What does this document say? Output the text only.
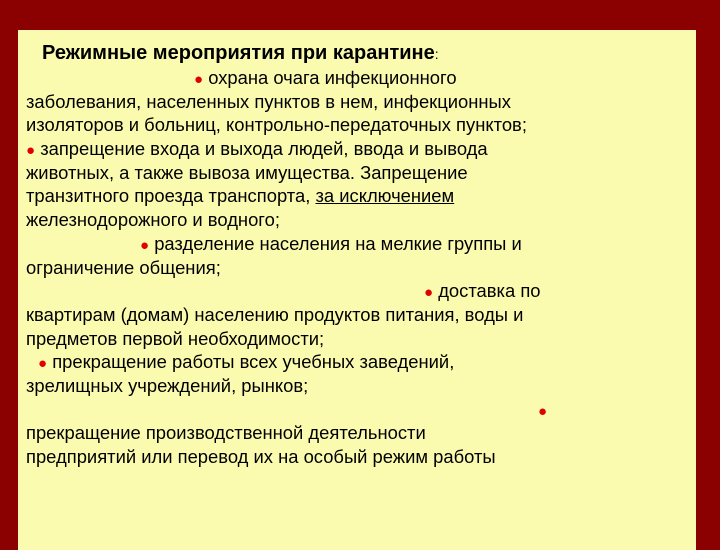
Режимные мероприятия при карантине:
● охрана очага инфекционного
заболевания, населенных пунктов в нем, инфекционных
изоляторов и больниц, контрольно-передаточных пунктов;
● запрещение входа и выхода людей, ввода и вывода
животных, а также вывоза имущества. Запрещение
транзитного проезда транспорта, за исключением
железнодорожного и водного;
● разделение населения на мелкие группы и
ограничение общения;
● доставка по
квартирам (домам) населению продуктов питания, воды и
предметов первой необходимости;
● прекращение работы всех учебных заведений,
зрелищных учреждений, рынков;
●
прекращение производственной деятельности
предприятий или перевод их на особый режим работы
